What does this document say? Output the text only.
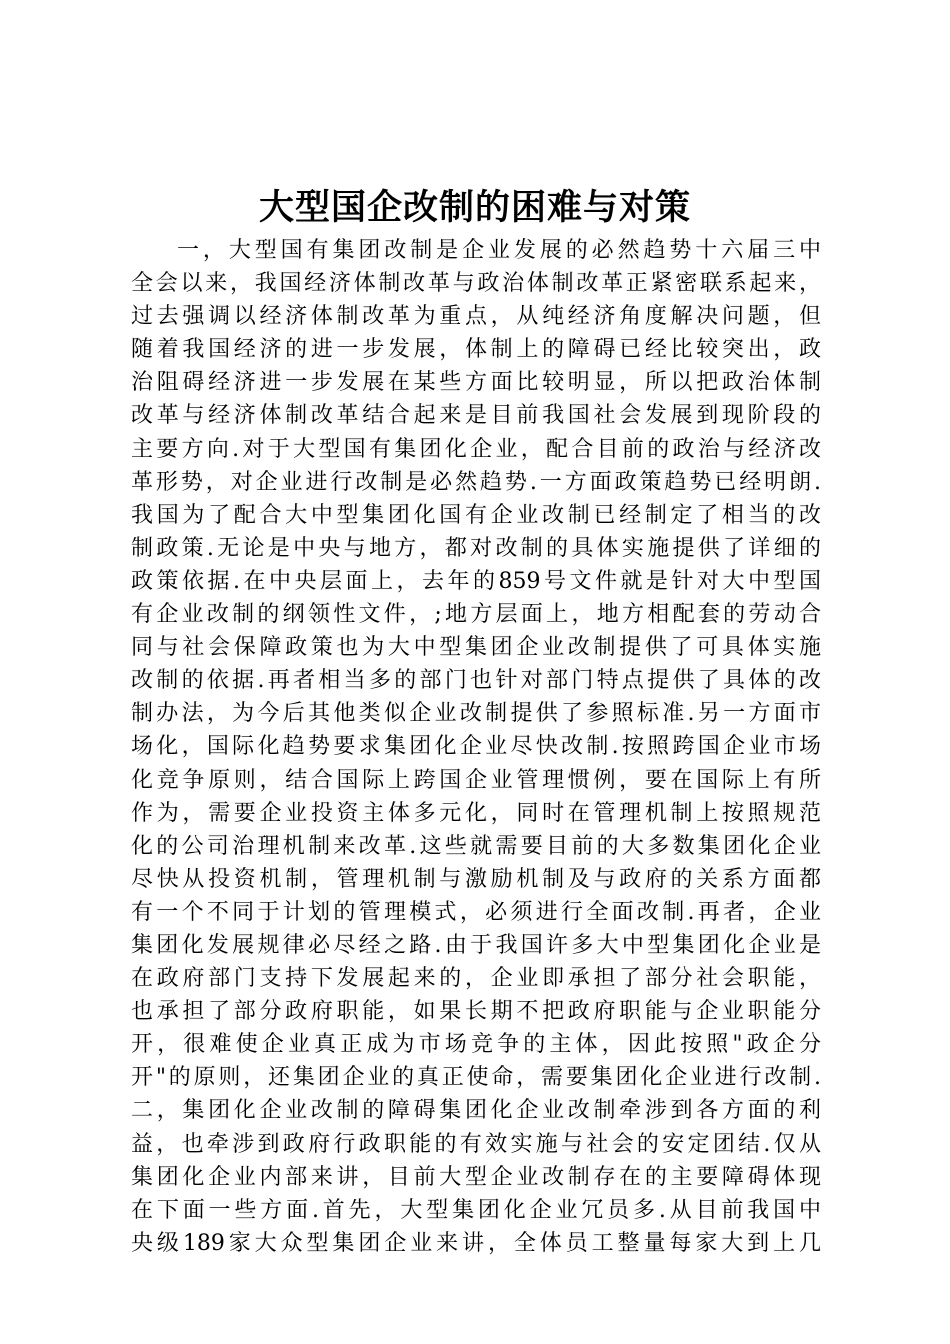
大型国企改制的困难与对策
一，大型国有集团改制是企业发展的必然趋势十六届三中
全会以来，我国经济体制改革与政治体制改革正紧密联系起来，
过去强调以经济体制改革为重点，从纯经济角度解决问题，但
随着我国经济的进一步发展，体制上的障碍已经比较突出，政
治阻碍经济进一步发展在某些方面比较明显，所以把政治体制
改革与经济体制改革结合起来是目前我国社会发展到现阶段的
主要方向.对于大型国有集团化企业，配合目前的政治与经济改
革形势，对企业进行改制是必然趋势.一方面政策趋势已经明朗.
我国为了配合大中型集团化国有企业改制已经制定了相当的改
制政策.无论是中央与地方，都对改制的具体实施提供了详细的
政策依据.在中央层面上，去年的859号文件就是针对大中型国
有企业改制的纲领性文件，;地方层面上，地方相配套的劳动合
同与社会保障政策也为大中型集团企业改制提供了可具体实施
改制的依据.再者相当多的部门也针对部门特点提供了具体的改
制办法，为今后其他类似企业改制提供了参照标准.另一方面市
场化，国际化趋势要求集团化企业尽快改制.按照跨国企业市场
化竞争原则，结合国际上跨国企业管理惯例，要在国际上有所
作为，需要企业投资主体多元化，同时在管理机制上按照规范
化的公司治理机制来改革.这些就需要目前的大多数集团化企业
尽快从投资机制，管理机制与激励机制及与政府的关系方面都
有一个不同于计划的管理模式，必须进行全面改制.再者，企业
集团化发展规律必尽经之路.由于我国许多大中型集团化企业是
在政府部门支持下发展起来的，企业即承担了部分社会职能，
也承担了部分政府职能，如果长期不把政府职能与企业职能分
开，很难使企业真正成为市场竞争的主体，因此按照"政企分
开"的原则，还集团企业的真正使命，需要集团化企业进行改制.
二，集团化企业改制的障碍集团化企业改制牵涉到各方面的利
益，也牵涉到政府行政职能的有效实施与社会的安定团结.仅从
集团化企业内部来讲，目前大型企业改制存在的主要障碍体现
在下面一些方面.首先，大型集团化企业冗员多.从目前我国中
央级189家大众型集团企业来讲，全体员工整量每家大到上几
